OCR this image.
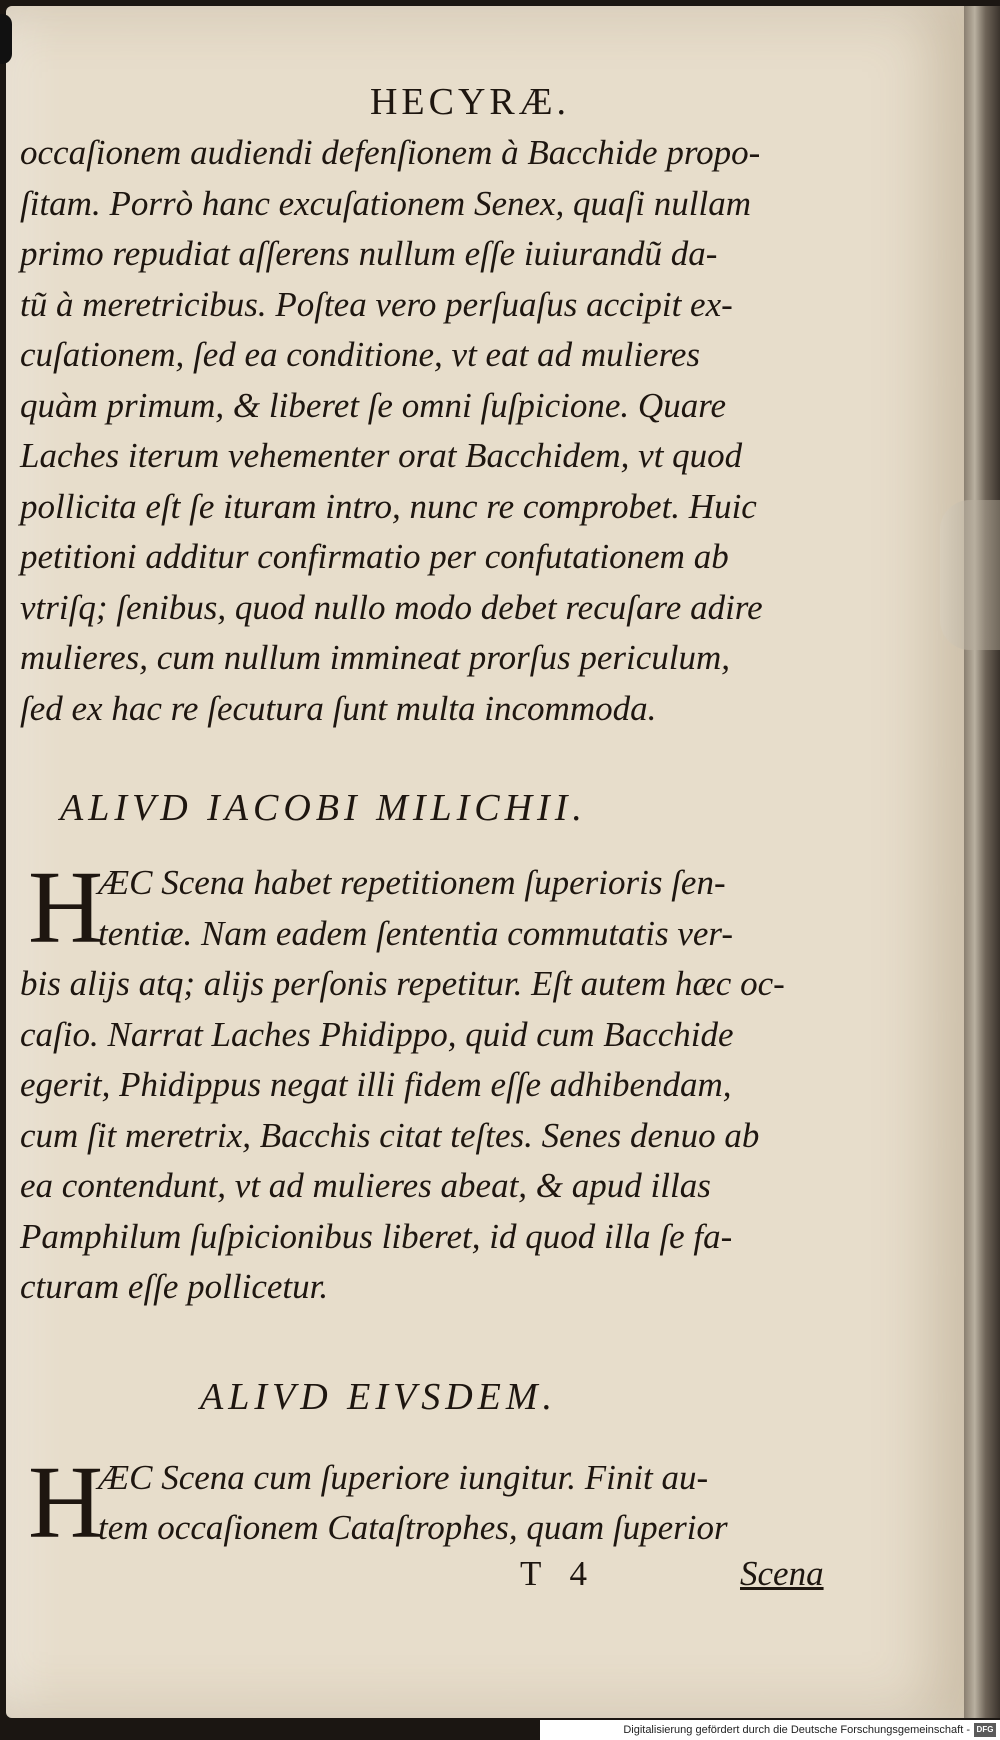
HECYRÆ.
occaſionem audiendi defenſionem à Bacchide propo-
ſitam. Porrò hanc excuſationem Senex, quaſi nullam
primo repudiat aſſerens nullum eſſe iuiurandũ da-
tũ à meretricibus. Poſtea vero perſuaſus accipit ex-
cuſationem, ſed ea conditione, vt eat ad mulieres
quàm primum, & liberet ſe omni ſuſpicione. Quare
Laches iterum vehementer orat Bacchidem, vt quod
pollicita eſt ſe ituram intro, nunc re comprobet. Huic
petitioni additur confirmatio per confutationem ab
vtriſq; ſenibus, quod nullo modo debet recuſare adire
mulieres, cum nullum immineat prorſus periculum,
ſed ex hac re ſecutura ſunt multa incommoda.
ALIVD IACOBI MILICHII.
H
ÆC Scena habet repetitionem ſuperioris ſen-
tentiæ. Nam eadem ſententia commutatis ver-
bis alijs atq; alijs perſonis repetitur. Eſt autem hæc oc-
caſio. Narrat Laches Phidippo, quid cum Bacchide
egerit, Phidippus negat illi fidem eſſe adhibendam,
cum ſit meretrix, Bacchis citat teſtes. Senes denuo ab
ea contendunt, vt ad mulieres abeat, & apud illas
Pamphilum ſuſpicionibus liberet, id quod illa ſe fa-
cturam eſſe pollicetur.
ALIVD EIVSDEM.
H
ÆC Scena cum ſuperiore iungitur. Finit au-
tem occaſionem Cataſtrophes, quam ſuperior
T 4	Scena
Digitalisierung gefördert durch die Deutsche Forschungsgemeinschaft - DFG
